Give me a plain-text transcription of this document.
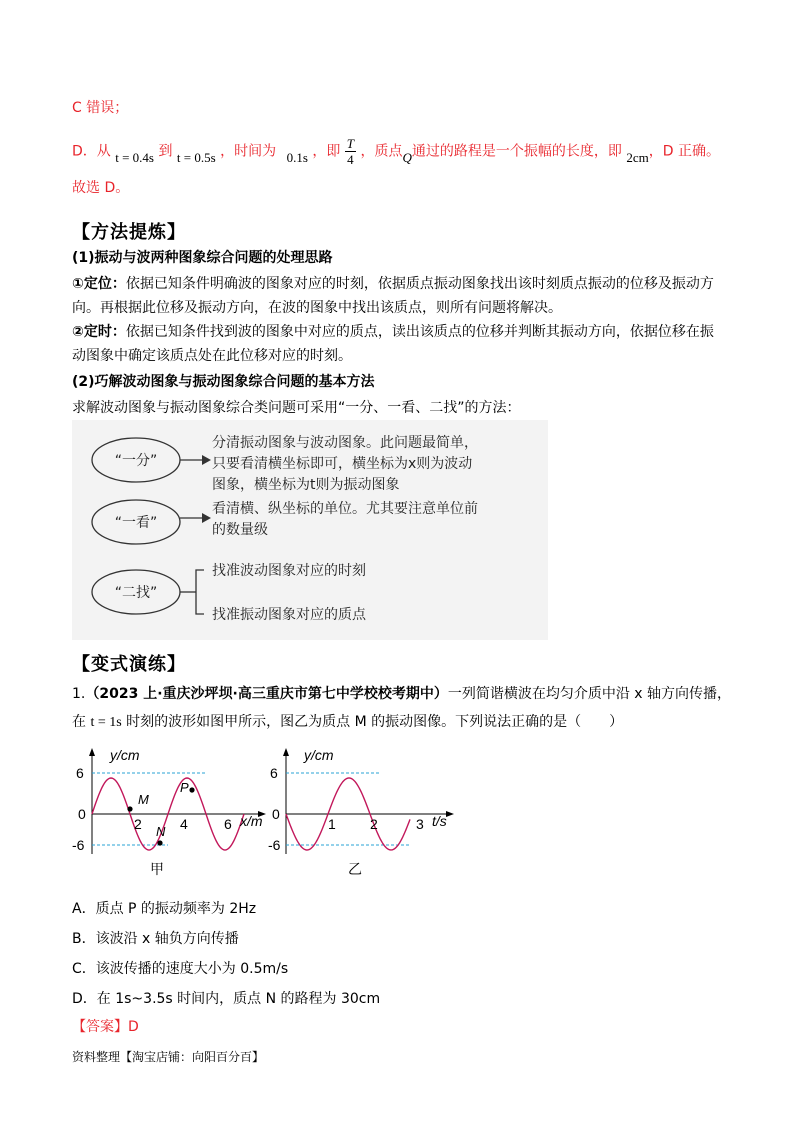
C 错误；
D．从 t = 0.4s 到 t = 0.5s ，时间为 0.1s ，即 $\frac{T}{4}$ ，质点Q通过的路程是一个振幅的长度，即 2cm，D 正确。
故选 D。
【方法提炼】
(1)振动与波两种图象综合问题的处理思路
①定位：依据已知条件明确波的图象对应的时刻，依据质点振动图象找出该时刻质点振动的位移及振动方
向。再根据此位移及振动方向，在波的图象中找出该质点，则所有问题将解决。
②定时：依据已知条件找到波的图象中对应的质点，读出该质点的位移并判断其振动方向，依据位移在振
动图象中确定该质点处在此位移对应的时刻。
(2)巧解波动图象与振动图象综合问题的基本方法
求解波动图象与振动图象综合类问题可采用“一分、一看、二找”的方法：
“一分”
“一看”
“二找”
分清振动图象与波动图象。此问题最简单，
只要看清横坐标即可，横坐标为x则为波动
图象，横坐标为t则为振动图象
看清横、纵坐标的单位。尤其要注意单位前
的数量级
找准波动图象对应的时刻
找准振动图象对应的质点
【变式演练】
1.（2023 上·重庆沙坪坝·高三重庆市第七中学校校考期中）一列简谐横波在均匀介质中沿 x 轴方向传播，
在 t = 1s 时刻的波形如图甲所示，图乙为质点 M 的振动图像。下列说法正确的是（　　）
y/cm
6
0
-6
2	4	6 x/m
M
P
N
甲
y/cm
6
0
-6
1 2	3 t/s
乙
A．质点 P 的振动频率为 2Hz
B．该波沿 x 轴负方向传播
C．该波传播的速度大小为 0.5m/s
D．在 1s~3.5s 时间内，质点 N 的路程为 30cm
【答案】D
资料整理【淘宝店铺：向阳百分百】
